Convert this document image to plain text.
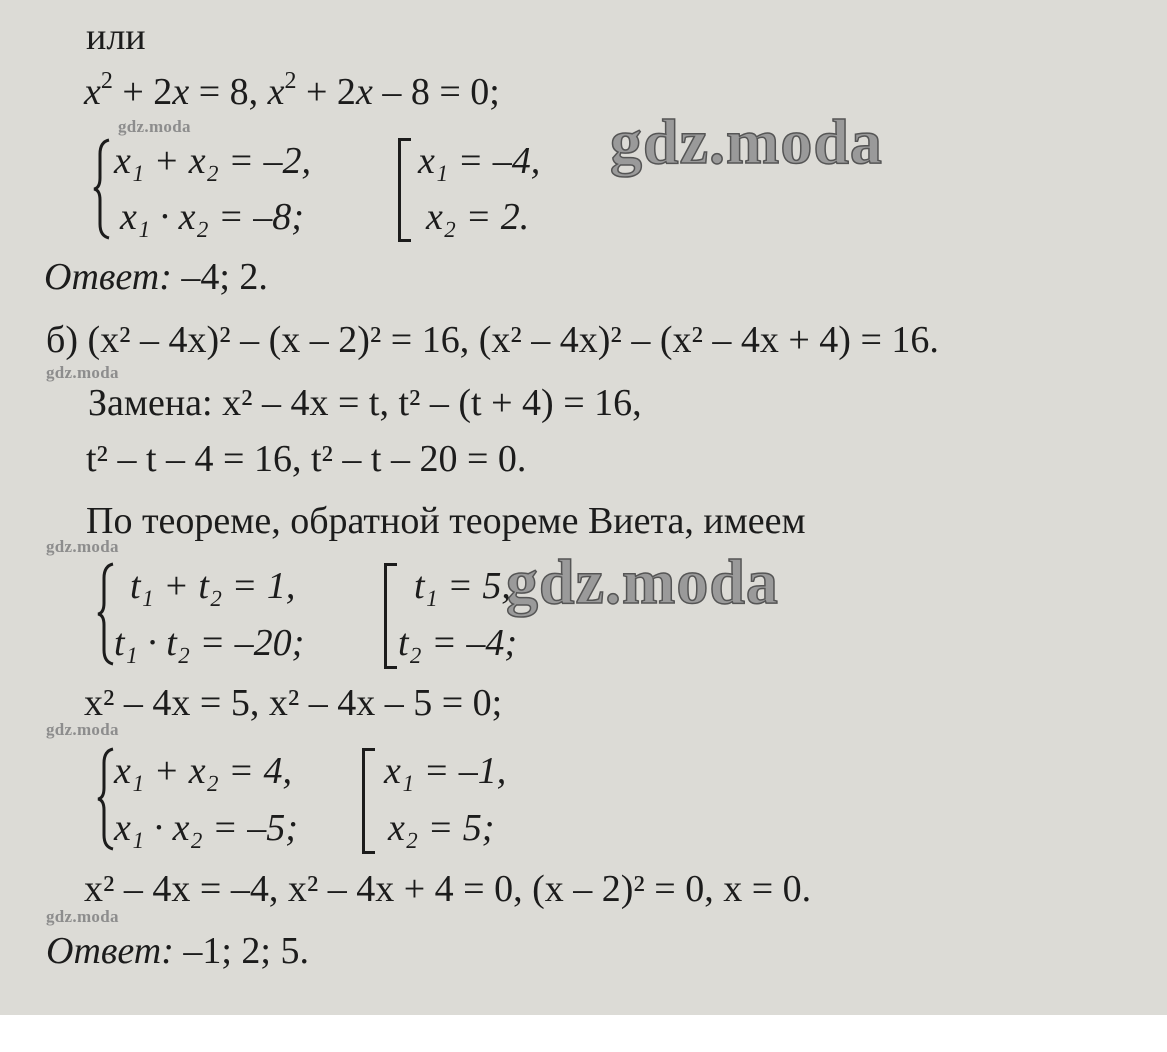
gdz.moda
gdz.moda
gdz.moda
gdz.moda
gdz.moda
gdz.moda
gdz.moda
или
$x^2 + 2x = 8$, $x^2 + 2x - 8 = 0$;
x₁ + x₂ = –2,
x₁ · x₂ = –8;
x₁ = –4,
x₂ = 2.
Ответ: –4; 2.
б) (x² – 4x)² – (x – 2)² = 16, (x² – 4x)² – (x² – 4x + 4) = 16.
Замена: x² – 4x = t, t² – (t + 4) = 16,
t² – t – 4 = 16, t² – t – 20 = 0.
По теореме, обратной теореме Виета, имеем
t₁ + t₂ = 1,
t₁ · t₂ = –20;
t₁ = 5,
t₂ = –4;
x² – 4x = 5, x² – 4x – 5 = 0;
x₁ + x₂ = 4,
x₁ · x₂ = –5;
x₁ = –1,
x₂ = 5;
x² – 4x = –4, x² – 4x + 4 = 0, (x – 2)² = 0, x = 0.
Ответ: –1; 2; 5.
